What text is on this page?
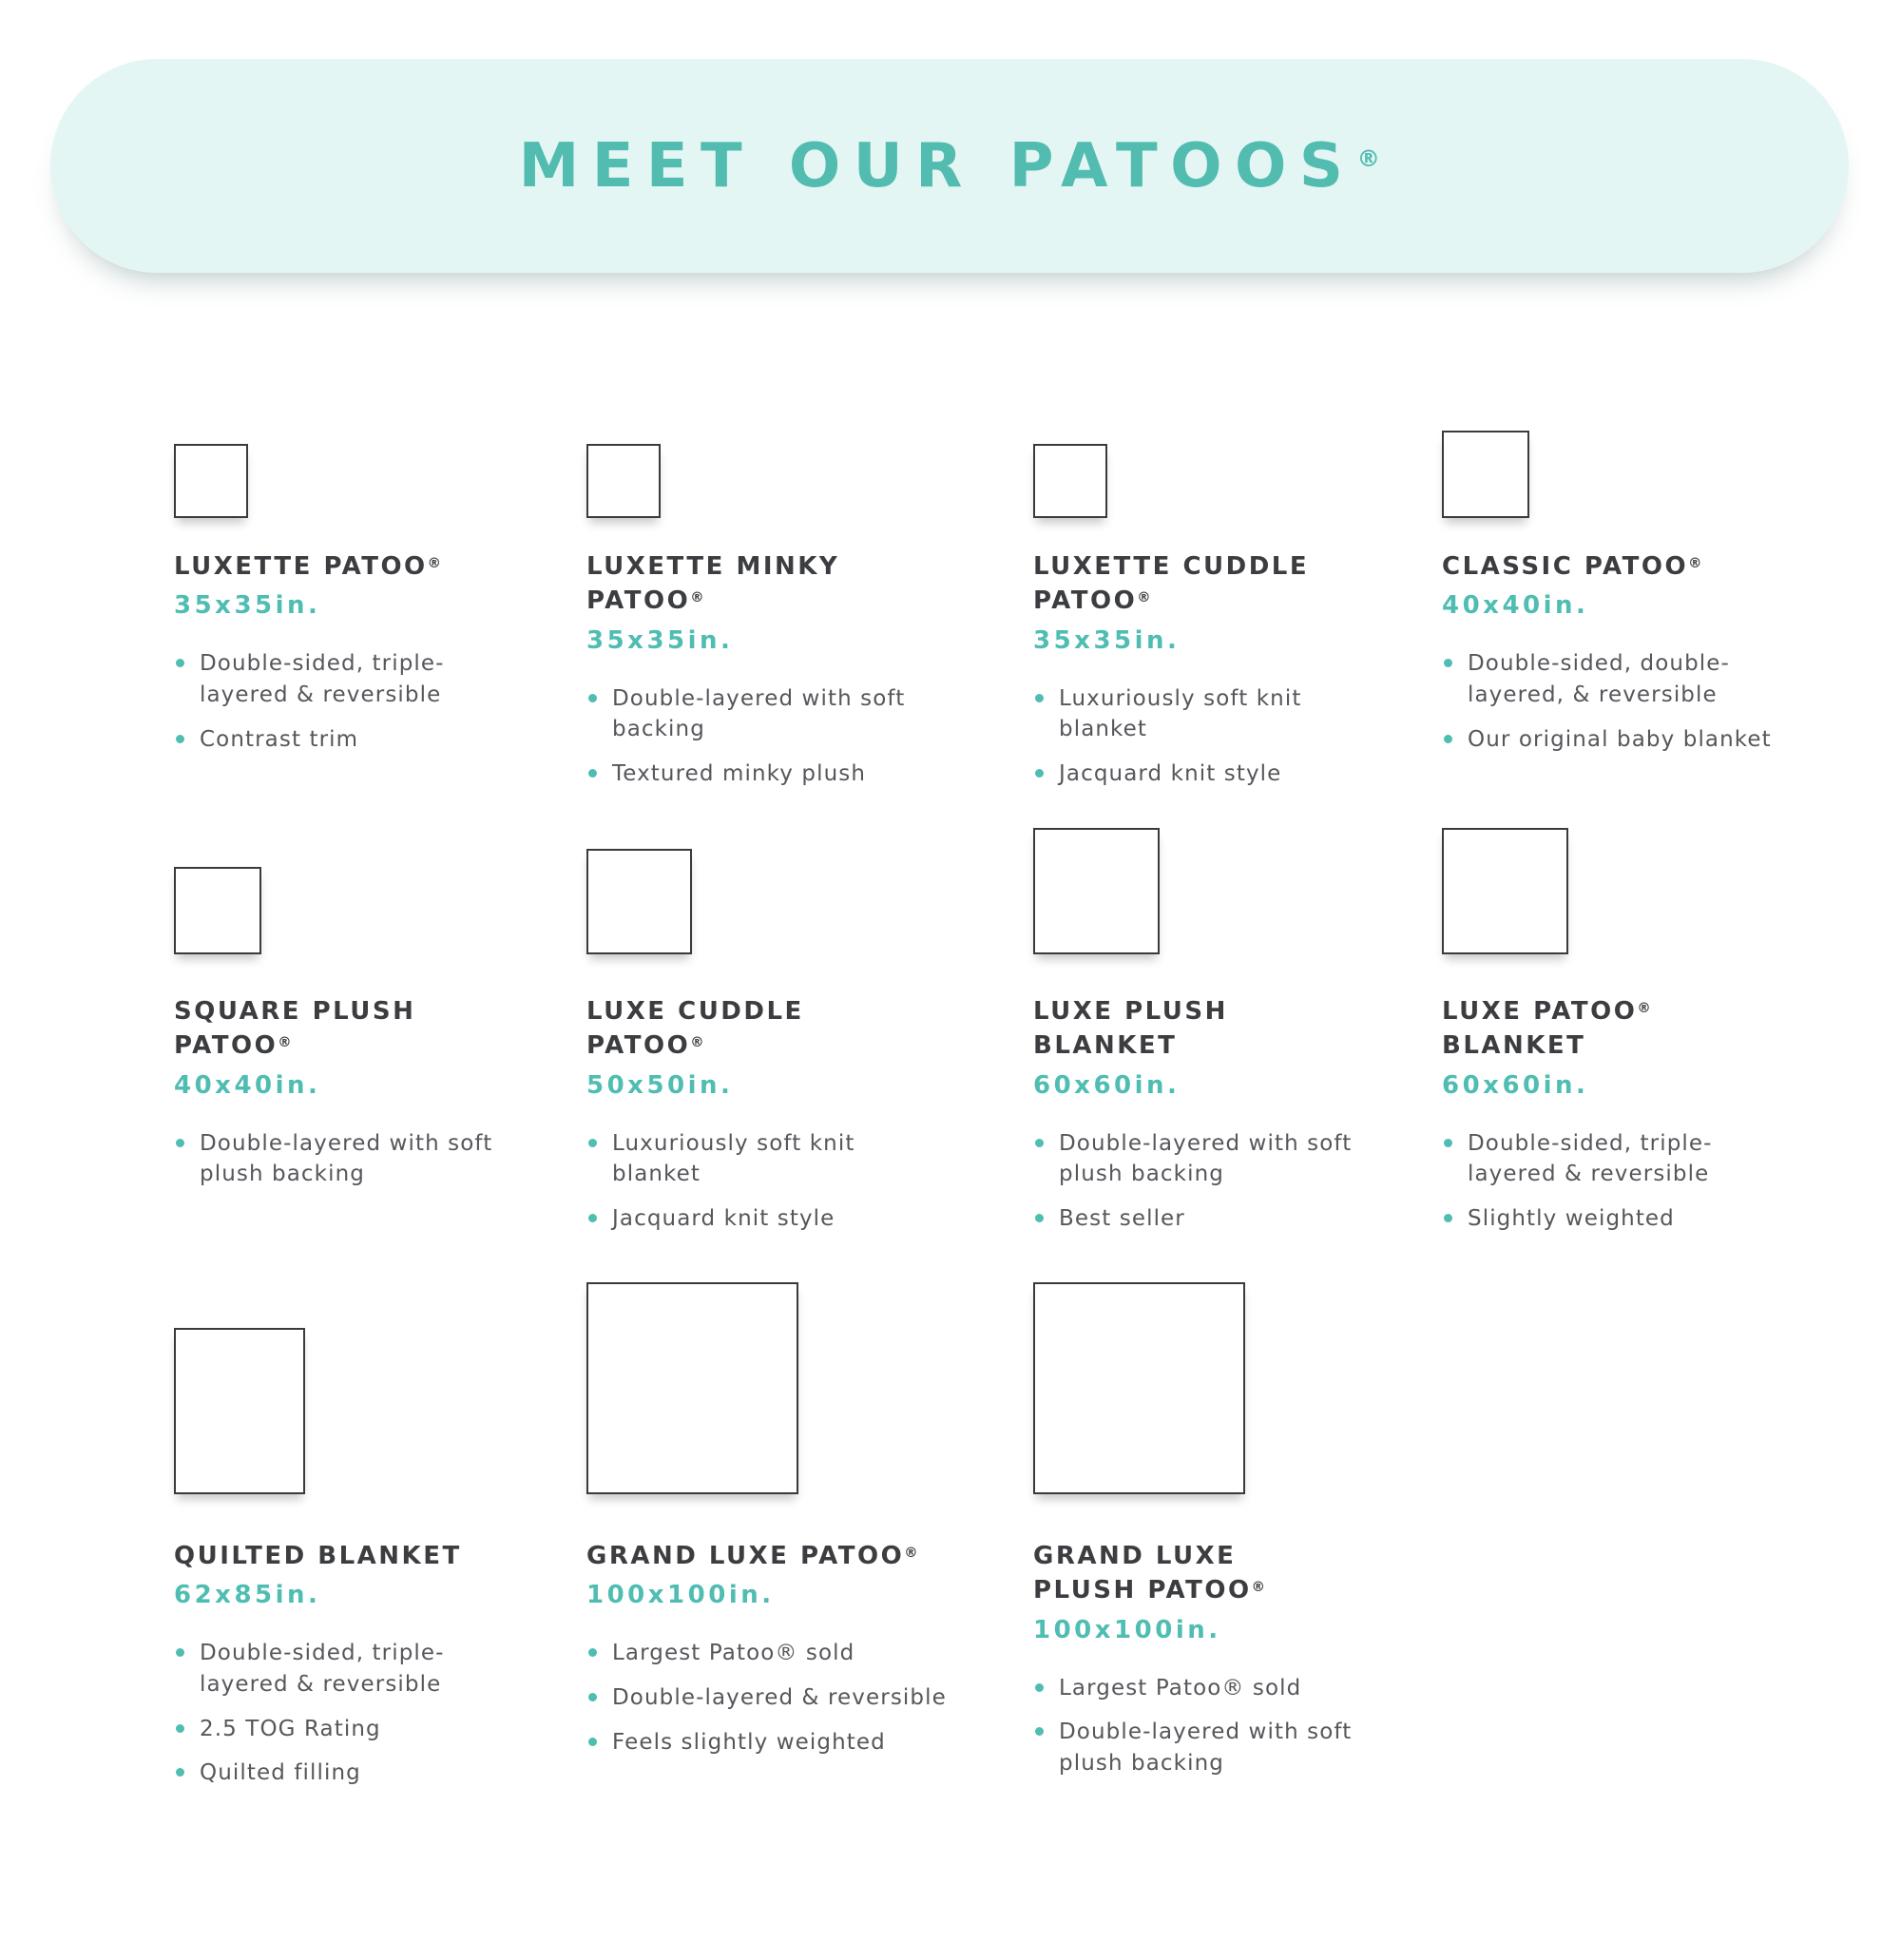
MEET OUR PATOOS®
LUXETTE PATOO®

35x35in.

Double-sided, triple-layered & reversible
Contrast trim
LUXETTE MINKY
PATOO®

35x35in.

Double-layered with soft backing
Textured minky plush
LUXETTE CUDDLE
PATOO®

35x35in.

Luxuriously soft knit blanket
Jacquard knit style
CLASSIC PATOO®

40x40in.

Double-sided, double-layered, & reversible
Our original baby blanket
SQUARE PLUSH
PATOO®

40x40in.

Double-layered with soft plush backing
LUXE CUDDLE
PATOO®

50x50in.

Luxuriously soft knit blanket
Jacquard knit style
LUXE PLUSH
BLANKET

60x60in.

Double-layered with soft plush backing
Best seller
LUXE PATOO®
BLANKET

60x60in.

Double-sided, triple-layered & reversible
Slightly weighted
QUILTED BLANKET

62x85in.

Double-sided, triple-layered & reversible
2.5 TOG Rating
Quilted filling
GRAND LUXE PATOO®

100x100in.

Largest Patoo® sold
Double-layered & reversible
Feels slightly weighted
GRAND LUXE
PLUSH PATOO®

100x100in.

Largest Patoo® sold
Double-layered with soft plush backing
